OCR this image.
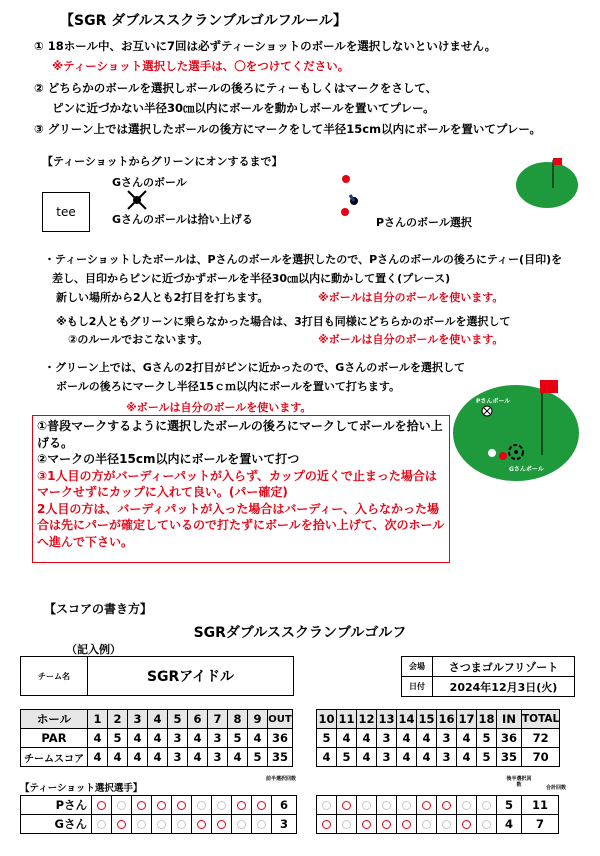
【SGR ダブルススクランブルゴルフルール】
① 18ホール中、お互いに7回は必ずティーショットのボールを選択しないといけません。
※ティーショット選択した選手は、〇をつけてください。
② どちらかのボールを選択しボールの後ろにティーもしくはマークをさして、
ピンに近づかない半径30㎝以内にボールを動かしボールを置いてプレー。
③ グリーン上では選択したボールの後方にマークをして半径15cm以内にボールを置いてプレー。
【ティーショットからグリーンにオンするまで】
tee
Gさんのボール
Gさんのボールは拾い上げる	Pさんのボール選択
・ティーショットしたボールは、Pさんのボールを選択したので、Pさんのボールの後ろにティー(目印)を
差し、目印からピンに近づかずボールを半径30㎝以内に動かして置く(プレース)
新しい場所から2人とも2打目を打ちます。	※ボールは自分のボールを使います。
※もし2人ともグリーンに乗らなかった場合は、3打目も同様にどちらかのボールを選択して
②のルールでおこないます。	※ボールは自分のボールを使います。
・グリーン上では、Gさんの2打目がピンに近かったので、Gさんのボールを選択して
ボールの後ろにマークし半径15ｃｍ以内にボールを置いて打ちます。
※ボールは自分のボールを使います。	Pさんボール
Gさんボール
①普段マークするように選択したボールの後ろにマークしてボールを拾い上げる。
②マークの半径15cm以内にボールを置いて打つ
③1人目の方がバーディーパットが入らず、カップの近くで止まった場合はマークせずにカップに入れて良い。(パー確定)
2人目の方は、バーディパットが入った場合はバーディー、入らなかった場合は先にパーが確定しているので打たずにボールを拾い上げて、次のホールへ進んで下さい。
【スコアの書き方】
SGRダブルススクランブルゴルフ
（記入例）
チーム名	SGRアイドル
会場	さつまゴルフリゾート
日付	2024年12月3日(火)
ホール	1	2	3	4	5	6	7	8	9	OUT
PAR	4	5	4	4	3	4	3	5	4	36
チームスコア	4	4	4	4	3	4	3	4	5	35
10	11	12	13	14	15	16	17	18	IN	TOTAL
5	4	4	3	4	4	3	4	5	36	72
4	5	4	3	4	4	3	4	5	35	70
【ティーショット選択選手】
前半選択回数	後半選択回数	合計回数
Pさん										6
Gさん										3
									5	11
									4	7
